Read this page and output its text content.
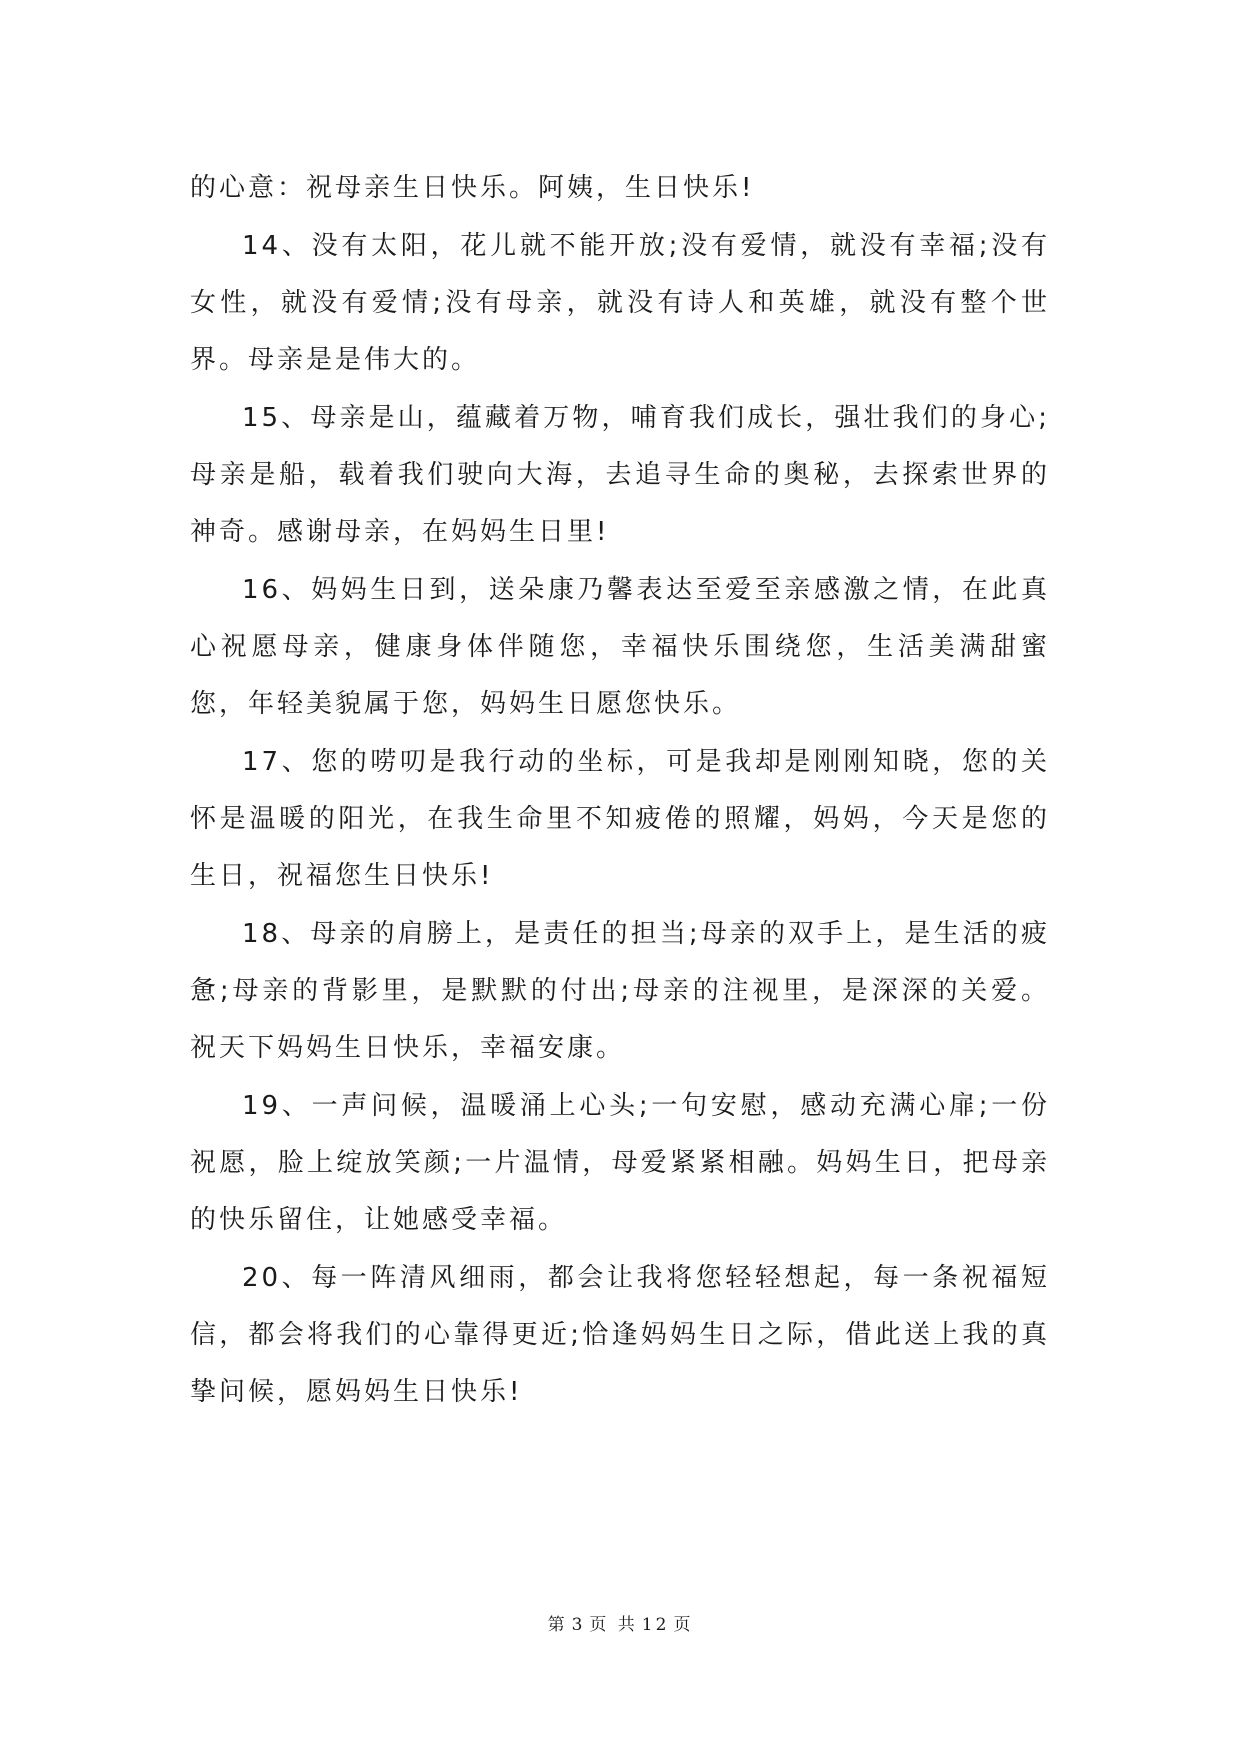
的心意：祝母亲生日快乐。阿姨，生日快乐!

14、没有太阳，花儿就不能开放;没有爱情，就没有幸福;没有女性，就没有爱情;没有母亲，就没有诗人和英雄，就没有整个世界。母亲是是伟大的。

15、母亲是山，蕴藏着万物，哺育我们成长，强壮我们的身心;母亲是船，载着我们驶向大海，去追寻生命的奥秘，去探索世界的神奇。感谢母亲，在妈妈生日里!

16、妈妈生日到，送朵康乃馨表达至爱至亲感激之情，在此真心祝愿母亲，健康身体伴随您，幸福快乐围绕您，生活美满甜蜜您，年轻美貌属于您，妈妈生日愿您快乐。

17、您的唠叨是我行动的坐标，可是我却是刚刚知晓，您的关怀是温暖的阳光，在我生命里不知疲倦的照耀，妈妈，今天是您的生日，祝福您生日快乐!

18、母亲的肩膀上，是责任的担当;母亲的双手上，是生活的疲惫;母亲的背影里，是默默的付出;母亲的注视里，是深深的关爱。祝天下妈妈生日快乐，幸福安康。

19、一声问候，温暖涌上心头;一句安慰，感动充满心扉;一份祝愿，脸上绽放笑颜;一片温情，母爱紧紧相融。妈妈生日，把母亲的快乐留住，让她感受幸福。

20、每一阵清风细雨，都会让我将您轻轻想起，每一条祝福短信，都会将我们的心靠得更近;恰逢妈妈生日之际，借此送上我的真挚问候，愿妈妈生日快乐!

第 3 页 共 12 页
